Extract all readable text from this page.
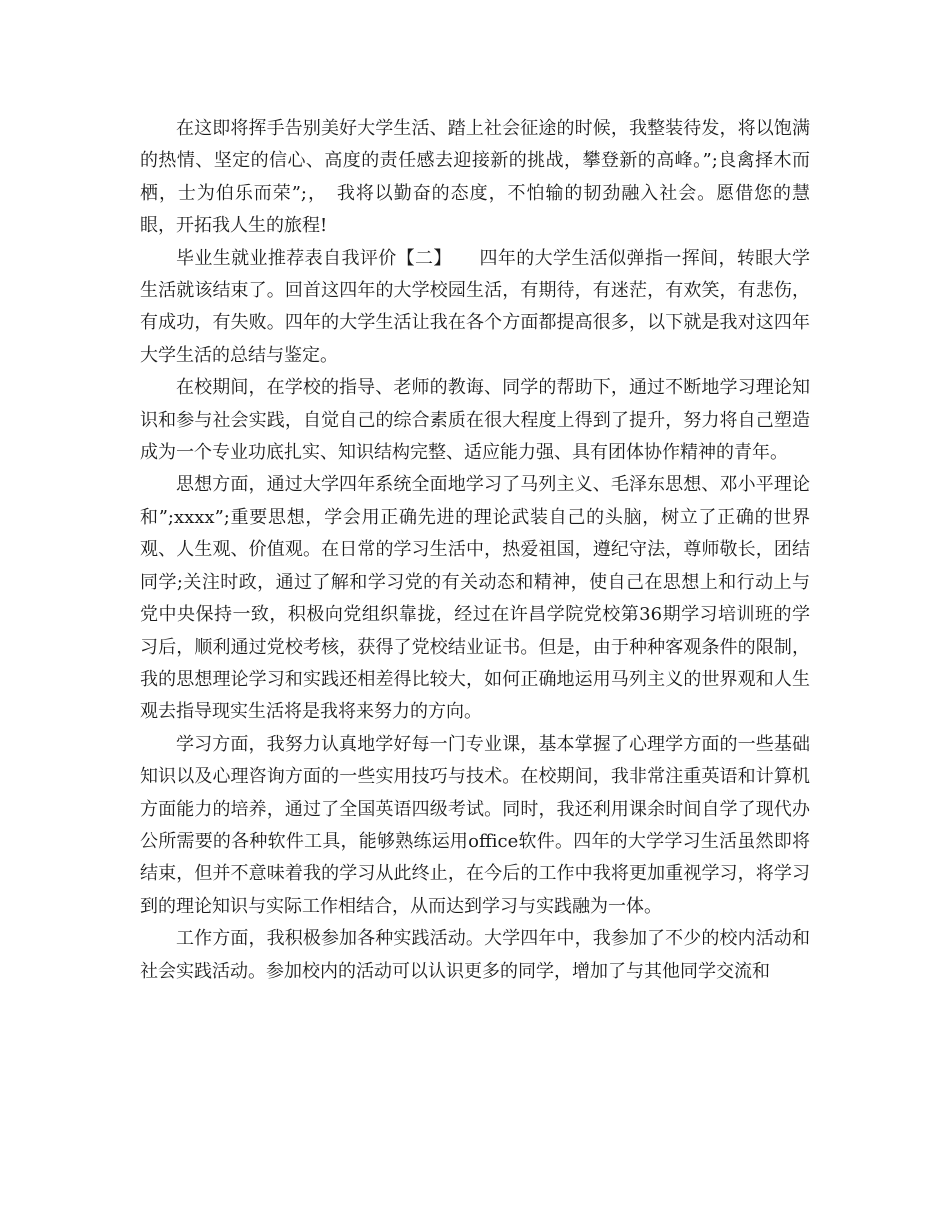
在这即将挥手告别美好大学生活、踏上社会征途的时候，我整装待发，将以饱满的热情、坚定的信心、高度的责任感去迎接新的挑战，攀登新的高峰。”;良禽择木而栖，士为伯乐而荣”;，　我将以勤奋的态度，不怕输的韧劲融入社会。愿借您的慧眼，开拓我人生的旅程!

毕业生就业推荐表自我评价【二】　　四年的大学生活似弹指一挥间，转眼大学生活就该结束了。回首这四年的大学校园生活，有期待，有迷茫，有欢笑，有悲伤，有成功，有失败。四年的大学生活让我在各个方面都提高很多，以下就是我对这四年大学生活的总结与鉴定。

在校期间，在学校的指导、老师的教诲、同学的帮助下，通过不断地学习理论知识和参与社会实践，自觉自己的综合素质在很大程度上得到了提升，努力将自己塑造成为一个专业功底扎实、知识结构完整、适应能力强、具有团体协作精神的青年。

思想方面，通过大学四年系统全面地学习了马列主义、毛泽东思想、邓小平理论和”;xxxx”;重要思想，学会用正确先进的理论武装自己的头脑，树立了正确的世界观、人生观、价值观。在日常的学习生活中，热爱祖国，遵纪守法，尊师敬长，团结同学;关注时政，通过了解和学习党的有关动态和精神，使自己在思想上和行动上与党中央保持一致，积极向党组织靠拢，经过在许昌学院党校第36期学习培训班的学习后，顺利通过党校考核，获得了党校结业证书。但是，由于种种客观条件的限制，我的思想理论学习和实践还相差得比较大，如何正确地运用马列主义的世界观和人生观去指导现实生活将是我将来努力的方向。

学习方面，我努力认真地学好每一门专业课，基本掌握了心理学方面的一些基础知识以及心理咨询方面的一些实用技巧与技术。在校期间，我非常注重英语和计算机方面能力的培养，通过了全国英语四级考试。同时，我还利用课余时间自学了现代办公所需要的各种软件工具，能够熟练运用office软件。四年的大学学习生活虽然即将结束，但并不意味着我的学习从此终止，在今后的工作中我将更加重视学习，将学习到的理论知识与实际工作相结合，从而达到学习与实践融为一体。

工作方面，我积极参加各种实践活动。大学四年中，我参加了不少的校内活动和社会实践活动。参加校内的活动可以认识更多的同学，增加了与其他同学交流和
